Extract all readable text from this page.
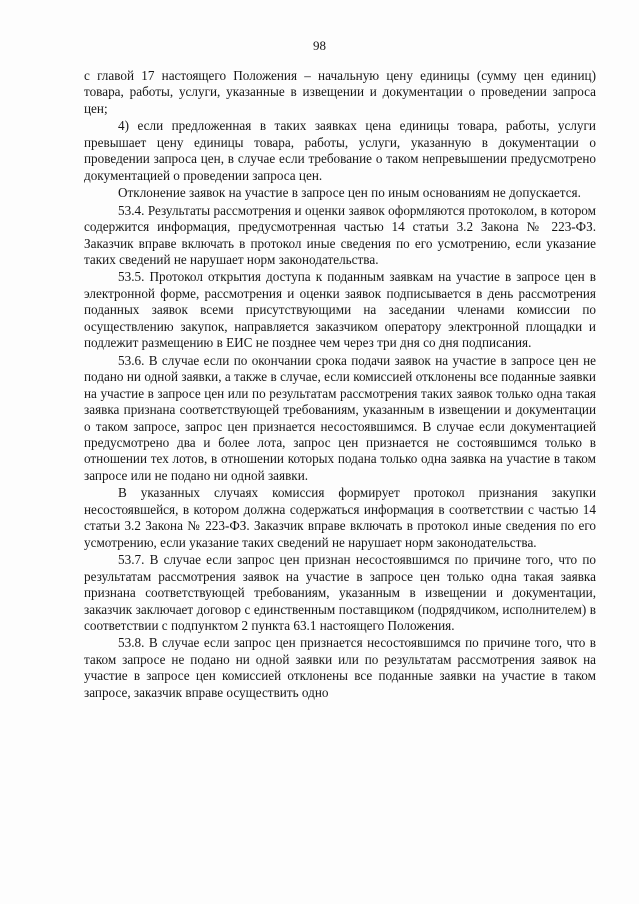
98

с главой 17 настоящего Положения – начальную цену единицы (сумму цен единиц) товара, работы, услуги, указанные в извещении и документации о проведении запроса цен;

4) если предложенная в таких заявках цена единицы товара, работы, услуги превышает цену единицы товара, работы, услуги, указанную в документации о проведении запроса цен, в случае если требование о таком непревышении предусмотрено документацией о проведении запроса цен.

Отклонение заявок на участие в запросе цен по иным основаниям не допускается.

53.4. Результаты рассмотрения и оценки заявок оформляются протоколом, в котором содержится информация, предусмотренная частью 14 статьи 3.2 Закона № 223-ФЗ. Заказчик вправе включать в протокол иные сведения по его усмотрению, если указание таких сведений не нарушает норм законодательства.

53.5. Протокол открытия доступа к поданным заявкам на участие в запросе цен в электронной форме, рассмотрения и оценки заявок подписывается в день рассмотрения поданных заявок всеми присутствующими на заседании членами комиссии по осуществлению закупок, направляется заказчиком оператору электронной площадки и подлежит размещению в ЕИС не позднее чем через три дня со дня подписания.

53.6. В случае если по окончании срока подачи заявок на участие в запросе цен не подано ни одной заявки, а также в случае, если комиссией отклонены все поданные заявки на участие в запросе цен или по результатам рассмотрения таких заявок только одна такая заявка признана соответствующей требованиям, указанным в извещении и документации о таком запросе, запрос цен признается несостоявшимся. В случае если документацией предусмотрено два и более лота, запрос цен признается не состоявшимся только в отношении тех лотов, в отношении которых подана только одна заявка на участие в таком запросе или не подано ни одной заявки.

В указанных случаях комиссия формирует протокол признания закупки несостоявшейся, в котором должна содержаться информация в соответствии с частью 14 статьи 3.2 Закона № 223-ФЗ. Заказчик вправе включать в протокол иные сведения по его усмотрению, если указание таких сведений не нарушает норм законодательства.

53.7. В случае если запрос цен признан несостоявшимся по причине того, что по результатам рассмотрения заявок на участие в запросе цен только одна такая заявка признана соответствующей требованиям, указанным в извещении и документации, заказчик заключает договор с единственным поставщиком (подрядчиком, исполнителем) в соответствии с подпунктом 2 пункта 63.1 настоящего Положения.

53.8. В случае если запрос цен признается несостоявшимся по причине того, что в таком запросе не подано ни одной заявки или по результатам рассмотрения заявок на участие в запросе цен комиссией отклонены все поданные заявки на участие в таком запросе, заказчик вправе осуществить одно
